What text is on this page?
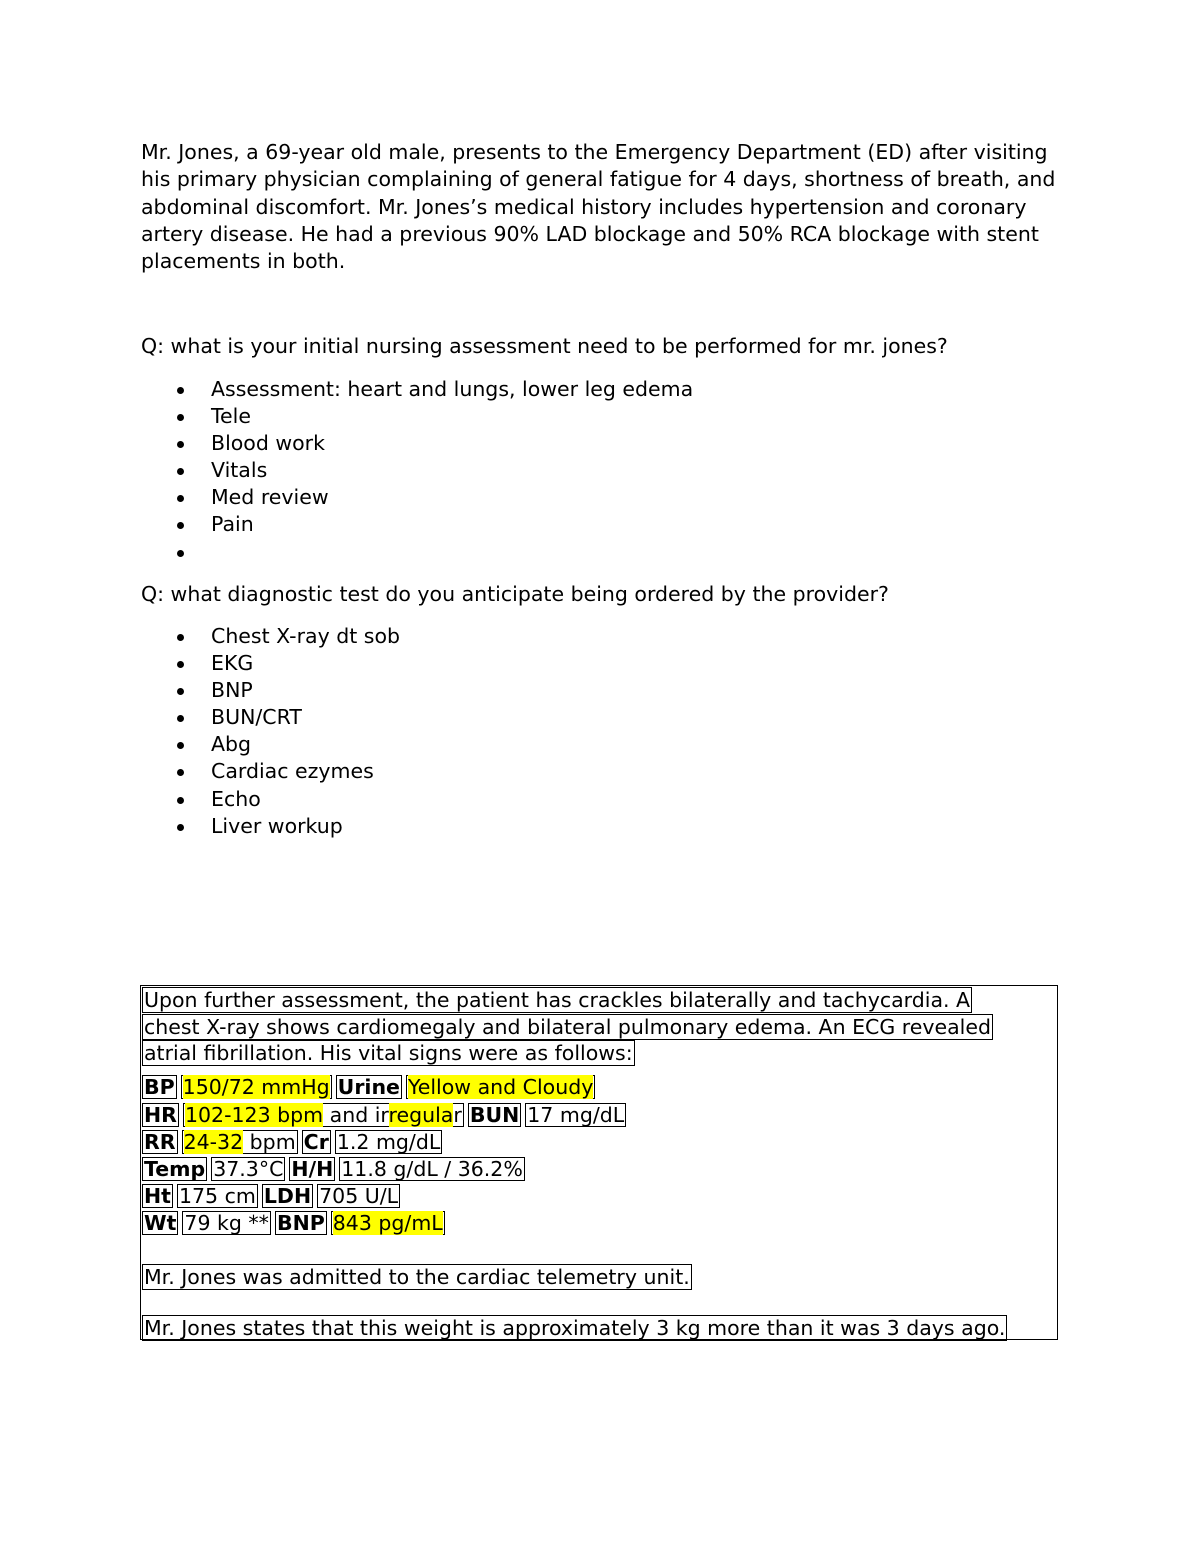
Mr. Jones, a 69-year old male, presents to the Emergency Department (ED) after visiting his primary physician complaining of general fatigue for 4 days, shortness of breath, and abdominal discomfort. Mr. Jones’s medical history includes hypertension and coronary artery disease. He had a previous 90% LAD blockage and 50% RCA blockage with stent placements in both.

Q: what is your initial nursing assessment need to be performed for mr. jones?

Assessment: heart and lungs, lower leg edema
Tele
Blood work
Vitals
Med review
Pain

Q: what diagnostic test do you anticipate being ordered by the provider?

Chest X-ray dt sob
EKG
BNP
BUN/CRT
Abg
Cardiac ezymes
Echo
Liver workup
Upon further assessment, the patient has crackles bilaterally and tachycardia. A
chest X-ray shows cardiomegaly and bilateral pulmonary edema. An ECG revealed
atrial fibrillation. His vital signs were as follows:
BP 150/72 mmHg Urine Yellow and Cloudy
HR 102-123 bpm and irregular BUN 17 mg/dL
RR 24-32 bpm Cr 1.2 mg/dL
Temp 37.3°C H/H 11.8 g/dL / 36.2%
Ht 175 cm LDH 705 U/L
Wt 79 kg ** BNP 843 pg/mL
Mr. Jones was admitted to the cardiac telemetry unit.
Mr. Jones states that this weight is approximately 3 kg more than it was 3 days ago.
